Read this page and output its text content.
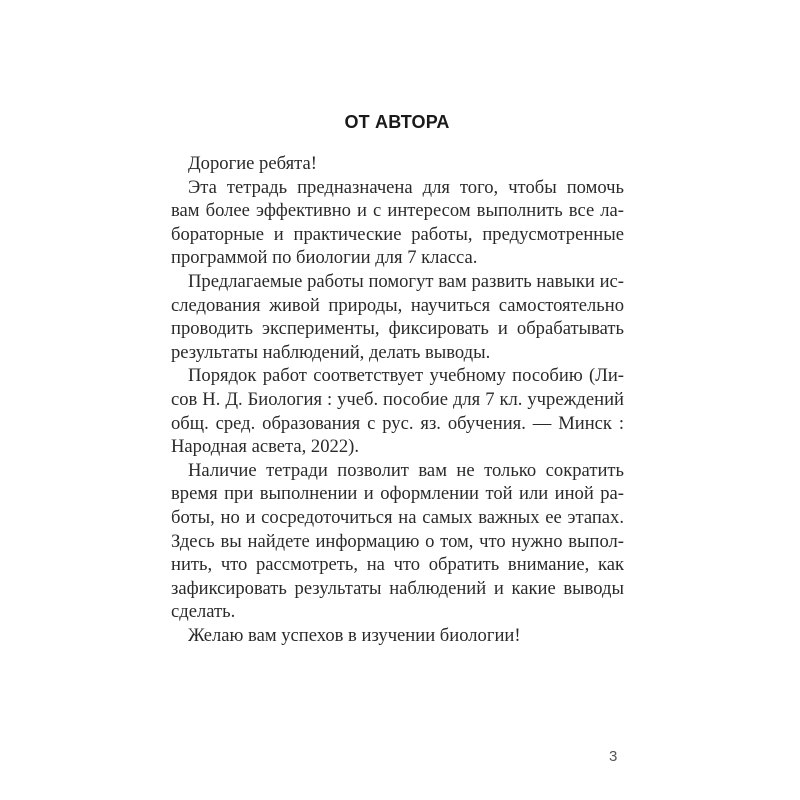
ОТ АВТОРА
Дорогие ребята!
Эта тетрадь предназначена для того, чтобы помочь
вам более эффективно и с интересом выполнить все ла-
бораторные и практические работы, предусмотренные
программой по биологии для 7 класса.
Предлагаемые работы помогут вам развить навыки ис-
следования живой природы, научиться самостоятельно
проводить эксперименты, фиксировать и обрабатывать
результаты наблюдений, делать выводы.
Порядок работ соответствует учебному пособию (Ли-
сов Н. Д. Биология : учеб. пособие для 7 кл. учреждений
общ. сред. образования с рус. яз. обучения. — Минск :
Народная асвета, 2022).
Наличие тетради позволит вам не только сократить
время при выполнении и оформлении той или иной ра-
боты, но и сосредоточиться на самых важных ее этапах.
Здесь вы найдете информацию о том, что нужно выпол-
нить, что рассмотреть, на что обратить внимание, как
зафиксировать результаты наблюдений и какие выводы
сделать.
Желаю вам успехов в изучении биологии!
3
